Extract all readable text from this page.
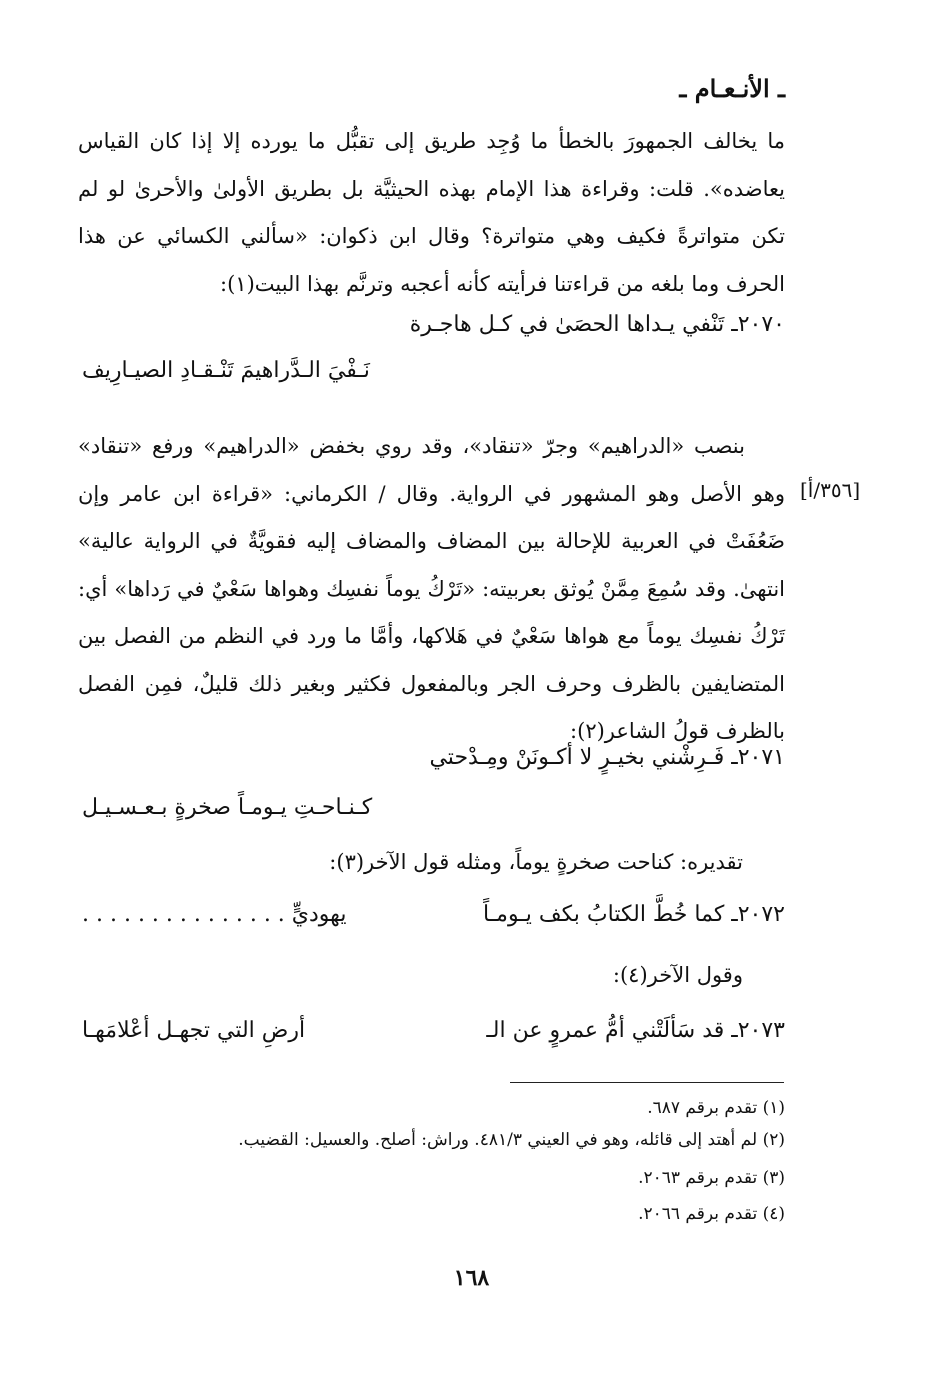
ـ الأنـعـام ـ
ما يخالف الجمهورَ بالخطأ ما وُجِد طريق إلى تقبُّل ما يورده إلا إذا كان القياس يعاضده». قلت: وقراءة هذا الإمام بهذه الحيثيَّة بل بطريق الأولىٰ والأحرىٰ لو لم تكن متواترةً فكيف وهي متواترة؟ وقال ابن ذكوان: «سألني الكسائي عن هذا الحرف وما بلغه من قراءتنا فرأيته كأنه أعجبه وترنَّم بهذا البيت(١):
٢٠٧٠ـ تَنْفي يـداها الحصَىٰ في كـل هاجـرة
نَـفْيَ الـدَّراهيمَ تَنْـقـادِ الصيـارِيف
بنصب «الدراهيم» وجرّ «تنقاد»، وقد روي بخفض «الدراهيم» ورفع «تنقاد» وهو الأصل وهو المشهور في الرواية. وقال / الكرماني: «قراءة ابن عامر وإن ضَعُفَتْ في العربية للإحالة بين المضاف والمضاف إليه فقويَّةٌ في الرواية عالية» انتهىٰ. وقد سُمِعَ مِمَّنْ يُوثق بعربيته: «تَرْكُ يوماً نفسِك وهواها سَعْيٌ في رَداها» أي: تَرْكُ نفسِك يوماً مع هواها سَعْيٌ في هَلاكها، وأمَّا ما ورد في النظم من الفصل بين المتضايفين بالظرف وحرف الجر وبالمفعول فكثير وبغير ذلك قليلٌ، فمِن الفصل بالظرف قولُ الشاعر(٢):
[٣٥٦/أ]
٢٠٧١ـ فَـرِشْني بخيـرٍ لا أكـونَنْ ومِـدْحتي
كـنـاحـتِ يـومـاً صخرةٍ بـعـسـيـل
تقديره: كناحت صخرةٍ يوماً، ومثله قول الآخر(٣):
٢٠٧٢ـ كما خُطَّ الكتابُ بكف يـومـاً
يهوديٍّ . . . . . . . . . . . . . . .
وقول الآخر(٤):
٢٠٧٣ـ قد سَألَتْني أمُّ عمروٍ عن الـ
أرضِ التي تجهـل أعْلامَهـا
(١) تقدم برقم ٦٨٧.
(٢) لم أهتد إلى قائله، وهو في العيني ٤٨١/٣. وراش: أصلح. والعسيل: القضيب.
(٣) تقدم برقم ٢٠٦٣.
(٤) تقدم برقم ٢٠٦٦.
١٦٨
